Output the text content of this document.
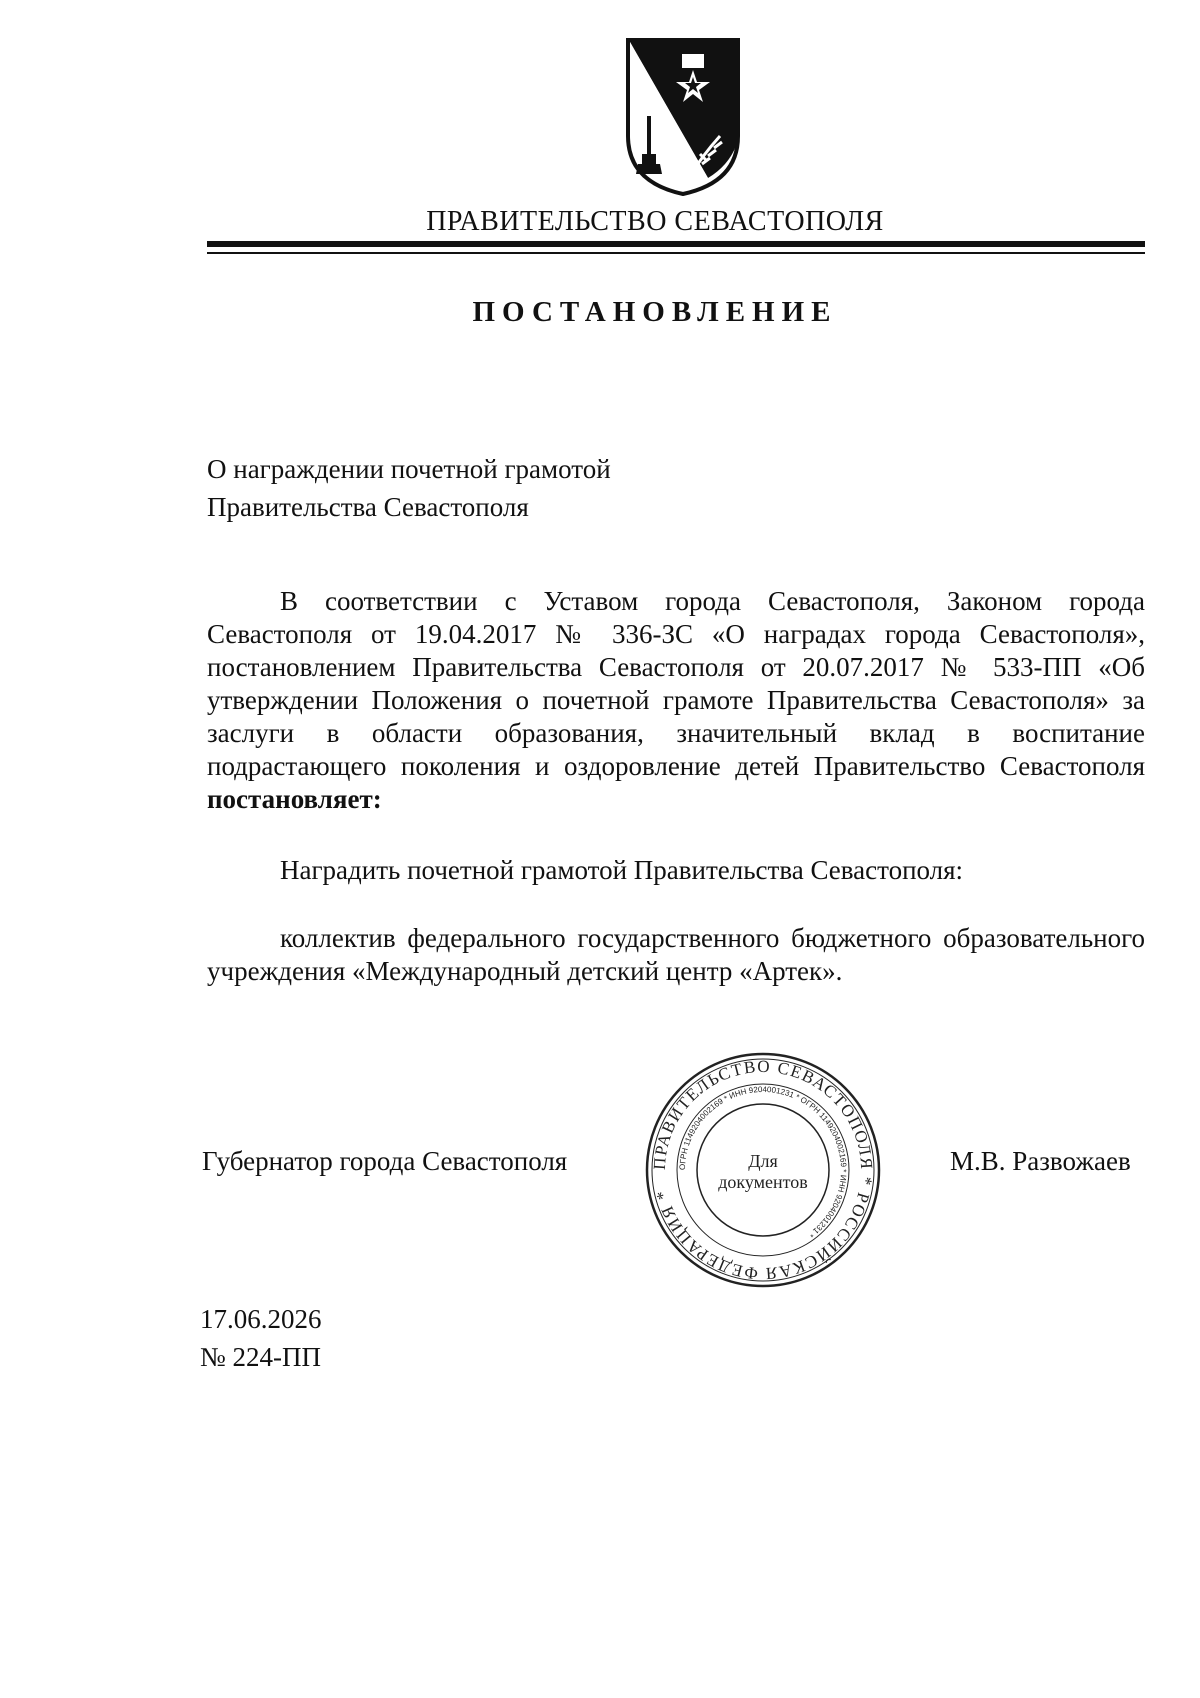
ПРАВИТЕЛЬСТВО СЕВАСТОПОЛЯ
ПОСТАНОВЛЕНИЕ
О награждении почетной грамотой
Правительства Севастополя
В соответствии с Уставом города Севастополя, Законом города Севастополя от 19.04.2017 № 336-ЗС «О наградах города Севастополя», постановлением Правительства Севастополя от 20.07.2017 № 533-ПП «Об утверждении Положения о почетной грамоте Правительства Севастополя» за заслуги в области образования, значительный вклад в воспитание подрастающего поколения и оздоровление детей Правительство Севастополя постановляет:
Наградить почетной грамотой Правительства Севастополя:
коллектив федерального государственного бюджетного образовательного учреждения «Международный детский центр «Артек».
Губернатор города Севастополя	М.В. Развожаев
ПРАВИТЕЛЬСТВО СЕВАСТОПОЛЯ * РОССИЙСКАЯ ФЕДЕРАЦИЯ *
ОГРН 1149204002169 * ИНН 9204001231 * ОГРН 1149204002169 * ИНН 9204001231 *
Для
документов
17.06.2026
№ 224-ПП
